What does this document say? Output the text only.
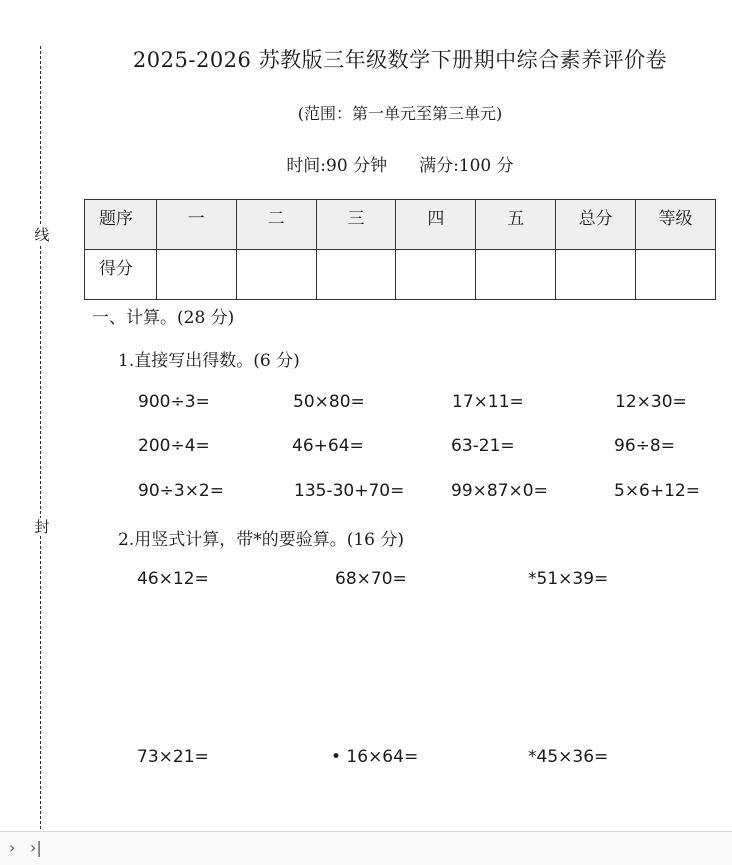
线
封
2025-2026 苏教版三年级数学下册期中综合素养评价卷
(范围：第一单元至第三单元)
时间:90 分钟 满分:100 分
题序	一	二	三	四	五	总分	等级
得分							
一、计算。(28 分)
1.直接写出得数。(6 分)
900÷3=	50×80=	17×11=	12×30=
200÷4=	46+64=	63-21=	96÷8=
90÷3×2=	135-30+70=	99×87×0=	5×6+12=
2.用竖式计算，带*的要验算。(16 分)
46×12=	68×70=	*51×39=
73×21=	• 16×64=	*45×36=
› ›|
